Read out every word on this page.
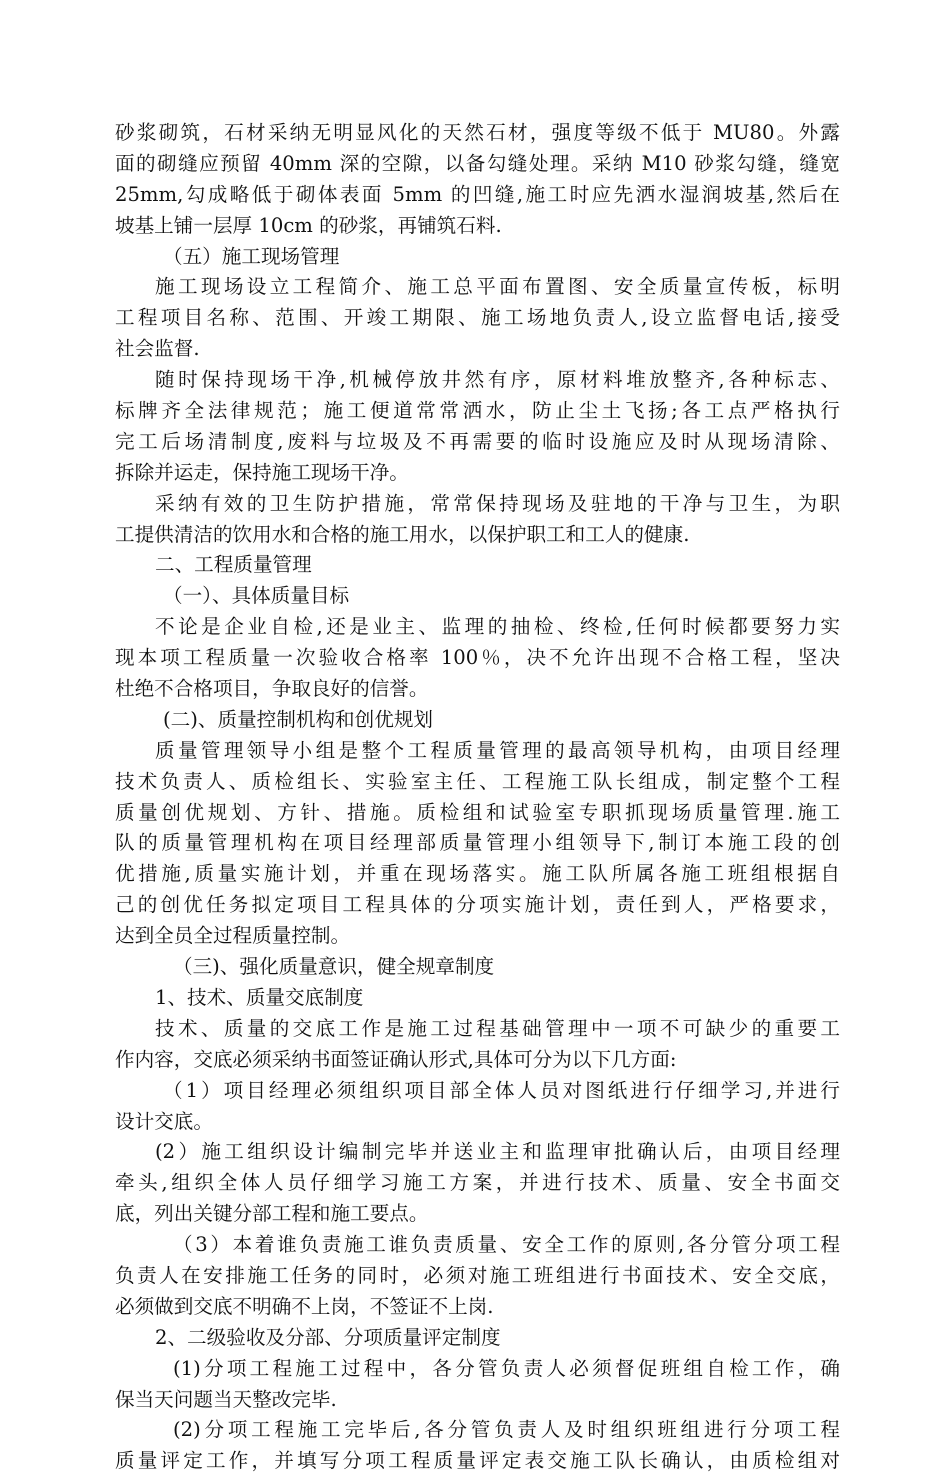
砂浆砌筑，石材采纳无明显风化的天然石材，强度等级不低于 MU80。外露
面的砌缝应预留 40mm 深的空隙，以备勾缝处理。采纳 M10 砂浆勾缝，缝宽
25mm,勾成略低于砌体表面 5mm 的凹缝,施工时应先洒水湿润坡基,然后在
坡基上铺一层厚 10cm 的砂浆，再铺筑石料.
（五）施工现场管理
施工现场设立工程简介、施工总平面布置图、安全质量宣传板，标明
工程项目名称、范围、开竣工期限、施工场地负责人,设立监督电话,接受
社会监督.
随时保持现场干净,机械停放井然有序，原材料堆放整齐,各种标志、
标牌齐全法律规范；施工便道常常洒水，防止尘土飞扬;各工点严格执行
完工后场清制度,废料与垃圾及不再需要的临时设施应及时从现场清除、
拆除并运走，保持施工现场干净。
采纳有效的卫生防护措施，常常保持现场及驻地的干净与卫生，为职
工提供清洁的饮用水和合格的施工用水，以保护职工和工人的健康.
二、工程质量管理
（一）、具体质量目标
不论是企业自检,还是业主、监理的抽检、终检,任何时候都要努力实
现本项工程质量一次验收合格率 100％，决不允许出现不合格工程，坚决
杜绝不合格项目，争取良好的信誉。
(二)、质量控制机构和创优规划
质量管理领导小组是整个工程质量管理的最高领导机构，由项目经理
技术负责人、质检组长、实验室主任、工程施工队长组成，制定整个工程
质量创优规划、方针、措施。质检组和试验室专职抓现场质量管理.施工
队的质量管理机构在项目经理部质量管理小组领导下,制订本施工段的创
优措施,质量实施计划，并重在现场落实。施工队所属各施工班组根据自
己的创优任务拟定项目工程具体的分项实施计划，责任到人，严格要求，
达到全员全过程质量控制。
（三)、强化质量意识，健全规章制度
1、技术、质量交底制度
技术、质量的交底工作是施工过程基础管理中一项不可缺少的重要工
作内容，交底必须采纳书面签证确认形式,具体可分为以下几方面:
（1）项目经理必须组织项目部全体人员对图纸进行仔细学习,并进行
设计交底。
(2）施工组织设计编制完毕并送业主和监理审批确认后，由项目经理
牵头,组织全体人员仔细学习施工方案，并进行技术、质量、安全书面交
底，列出关键分部工程和施工要点。
（3）本着谁负责施工谁负责质量、安全工作的原则,各分管分项工程
负责人在安排施工任务的同时，必须对施工班组进行书面技术、安全交底，
必须做到交底不明确不上岗，不签证不上岗.
2、二级验收及分部、分项质量评定制度
(1)分项工程施工过程中，各分管负责人必须督促班组自检工作，确
保当天问题当天整改完毕.
(2)分项工程施工完毕后,各分管负责人及时组织班组进行分项工程
质量评定工作，并填写分项工程质量评定表交施工队长确认，由质检组对
